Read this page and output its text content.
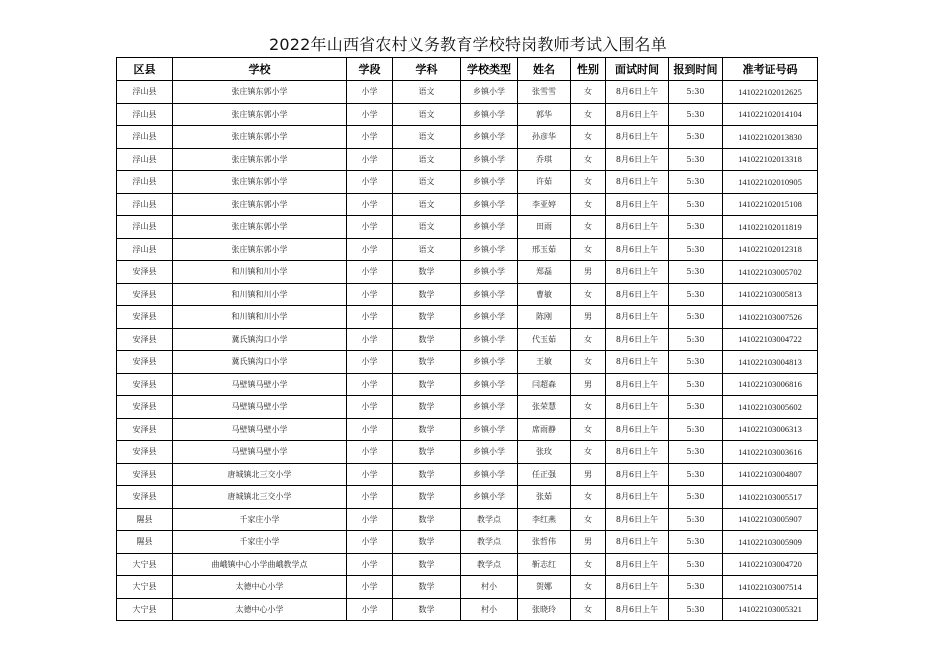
2022年山西省农村义务教育学校特岗教师考试入围名单
区县	学校	学段	学科	学校类型	姓名	性别	面试时间	报到时间	准考证号码
浮山县	张庄镇东郭小学	小学	语文	乡镇小学	张雪雪	女	8月6日上午	5:30	141022102012625
浮山县	张庄镇东郭小学	小学	语文	乡镇小学	郭华	女	8月6日上午	5:30	141022102014104
浮山县	张庄镇东郭小学	小学	语文	乡镇小学	孙彦华	女	8月6日上午	5:30	141022102013830
浮山县	张庄镇东郭小学	小学	语文	乡镇小学	乔琪	女	8月6日上午	5:30	141022102013318
浮山县	张庄镇东郭小学	小学	语文	乡镇小学	许茹	女	8月6日上午	5:30	141022102010905
浮山县	张庄镇东郭小学	小学	语文	乡镇小学	李亚婷	女	8月6日上午	5:30	141022102015108
浮山县	张庄镇东郭小学	小学	语文	乡镇小学	田雨	女	8月6日上午	5:30	141022102011819
浮山县	张庄镇东郭小学	小学	语文	乡镇小学	邢玉茹	女	8月6日上午	5:30	141022102012318
安泽县	和川镇和川小学	小学	数学	乡镇小学	郑磊	男	8月6日上午	5:30	141022103005702
安泽县	和川镇和川小学	小学	数学	乡镇小学	曹敏	女	8月6日上午	5:30	141022103005813
安泽县	和川镇和川小学	小学	数学	乡镇小学	陈刚	男	8月6日上午	5:30	141022103007526
安泽县	冀氏镇沟口小学	小学	数学	乡镇小学	代玉茹	女	8月6日上午	5:30	141022103004722
安泽县	冀氏镇沟口小学	小学	数学	乡镇小学	王敏	女	8月6日上午	5:30	141022103004813
安泽县	马壁镇马壁小学	小学	数学	乡镇小学	闫超森	男	8月6日上午	5:30	141022103006816
安泽县	马壁镇马壁小学	小学	数学	乡镇小学	张荣慧	女	8月6日上午	5:30	141022103005602
安泽县	马壁镇马壁小学	小学	数学	乡镇小学	席雨静	女	8月6日上午	5:30	141022103006313
安泽县	马壁镇马壁小学	小学	数学	乡镇小学	张玫	女	8月6日上午	5:30	141022103003616
安泽县	唐城镇北三交小学	小学	数学	乡镇小学	任正强	男	8月6日上午	5:30	141022103004807
安泽县	唐城镇北三交小学	小学	数学	乡镇小学	张茹	女	8月6日上午	5:30	141022103005517
隰县	千家庄小学	小学	数学	教学点	李红燕	女	8月6日上午	5:30	141022103005907
隰县	千家庄小学	小学	数学	教学点	张哲伟	男	8月6日上午	5:30	141022103005909
大宁县	曲峨镇中心小学曲峨教学点	小学	数学	教学点	靳志红	女	8月6日上午	5:30	141022103004720
大宁县	太德中心小学	小学	数学	村小	贺娜	女	8月6日上午	5:30	141022103007514
大宁县	太德中心小学	小学	数学	村小	张晓玲	女	8月6日上午	5:30	141022103005321
